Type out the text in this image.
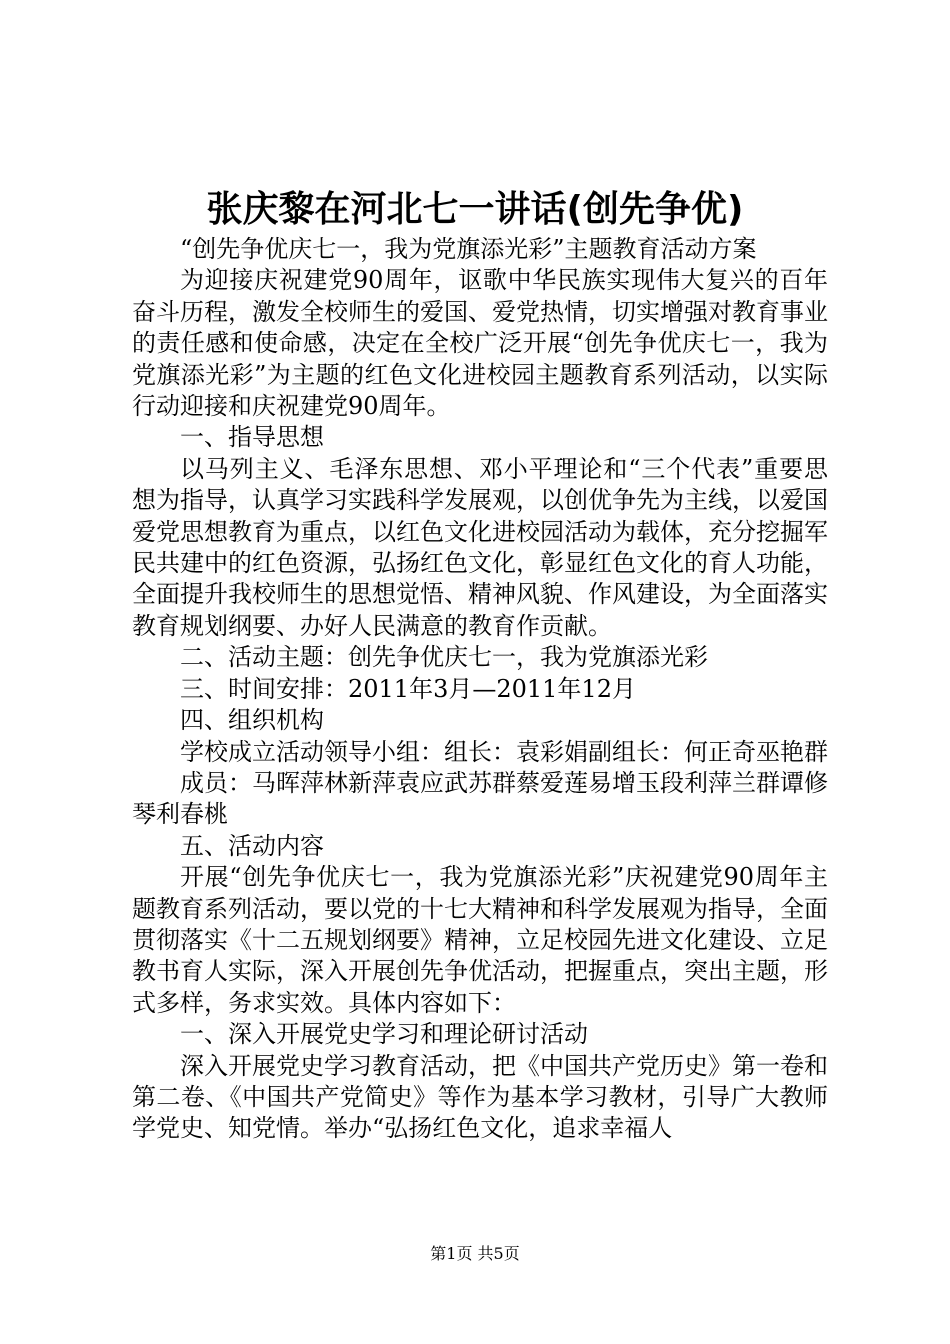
张庆黎在河北七一讲话(创先争优)

“创先争优庆七一，我为党旗添光彩”主题教育活动方案

为迎接庆祝建党90周年，讴歌中华民族实现伟大复兴的百年奋斗历程，激发全校师生的爱国、爱党热情，切实增强对教育事业的责任感和使命感，决定在全校广泛开展“创先争优庆七一，我为党旗添光彩”为主题的红色文化进校园主题教育系列活动，以实际行动迎接和庆祝建党90周年。

一、指导思想

以马列主义、毛泽东思想、邓小平理论和“三个代表”重要思想为指导，认真学习实践科学发展观，以创优争先为主线，以爱国爱党思想教育为重点，以红色文化进校园活动为载体，充分挖掘军民共建中的红色资源，弘扬红色文化，彰显红色文化的育人功能，全面提升我校师生的思想觉悟、精神风貌、作风建设，为全面落实教育规划纲要、办好人民满意的教育作贡献。

二、活动主题：创先争优庆七一，我为党旗添光彩

三、时间安排：2011年3月—2011年12月

四、组织机构

学校成立活动领导小组：组长：袁彩娟副组长：何正奇巫艳群

成员：马晖萍林新萍袁应武苏群蔡爱莲易增玉段利萍兰群谭修琴利春桃

五、活动内容

开展“创先争优庆七一，我为党旗添光彩”庆祝建党90周年主题教育系列活动，要以党的十七大精神和科学发展观为指导，全面贯彻落实《十二五规划纲要》精神，立足校园先进文化建设、立足教书育人实际，深入开展创先争优活动，把握重点，突出主题，形式多样，务求实效。具体内容如下：

一、深入开展党史学习和理论研讨活动

深入开展党史学习教育活动，把《中国共产党历史》第一卷和第二卷、《中国共产党简史》等作为基本学习教材，引导广大教师学党史、知党情。举办“弘扬红色文化，追求幸福人

第1页 共5页
